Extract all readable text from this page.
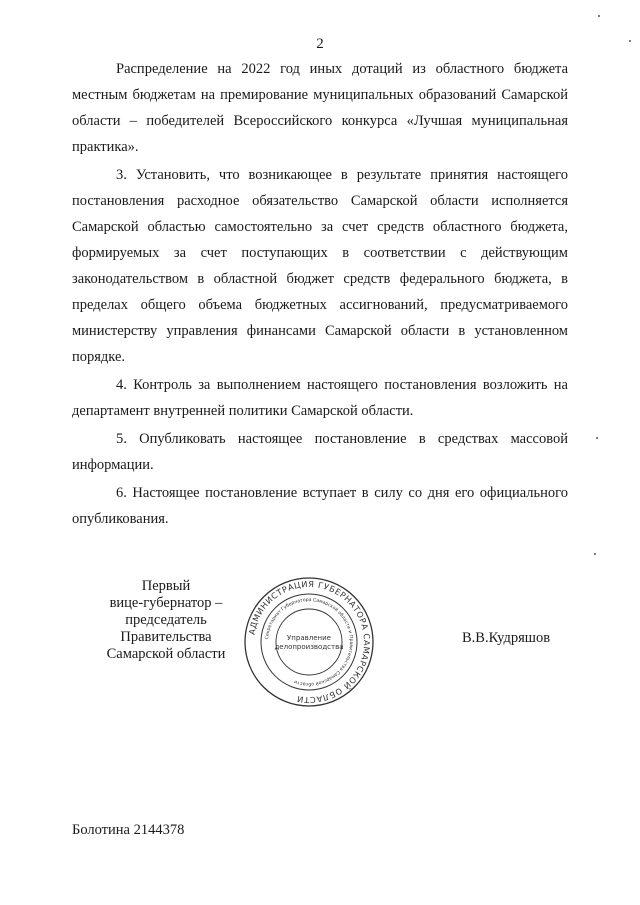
2

Распределение на 2022 год иных дотаций из областного бюджета местным бюджетам на премирование муниципальных образований Самарской области – победителей Всероссийского конкурса «Лучшая муниципальная практика».

3. Установить, что возникающее в результате принятия настоящего постановления расходное обязательство Самарской области исполняется Самарской областью самостоятельно за счет средств областного бюджета, формируемых за счет поступающих в соответствии с действующим законодательством в областной бюджет средств федерального бюджета, в пределах общего объема бюджетных ассигнований, предусматриваемого министерству управления финансами Самарской области в установленном порядке.

4. Контроль за выполнением настоящего постановления возложить на департамент внутренней политики Самарской области.

5. Опубликовать настоящее постановление в средствах массовой информации.

6. Настоящее постановление вступает в силу со дня его официального опубликования.

Первый
вице-губернатор –
председатель Правительства
Самарской области
АДМИНИСТРАЦИЯ ГУБЕРНАТОРА САМАРСКОЙ ОБЛАСТИ
Секретариат Губернатора Самарской области и Правительства Самарской области
Управление
делопроизводства
В.В.Кудряшов
Болотина 2144378
